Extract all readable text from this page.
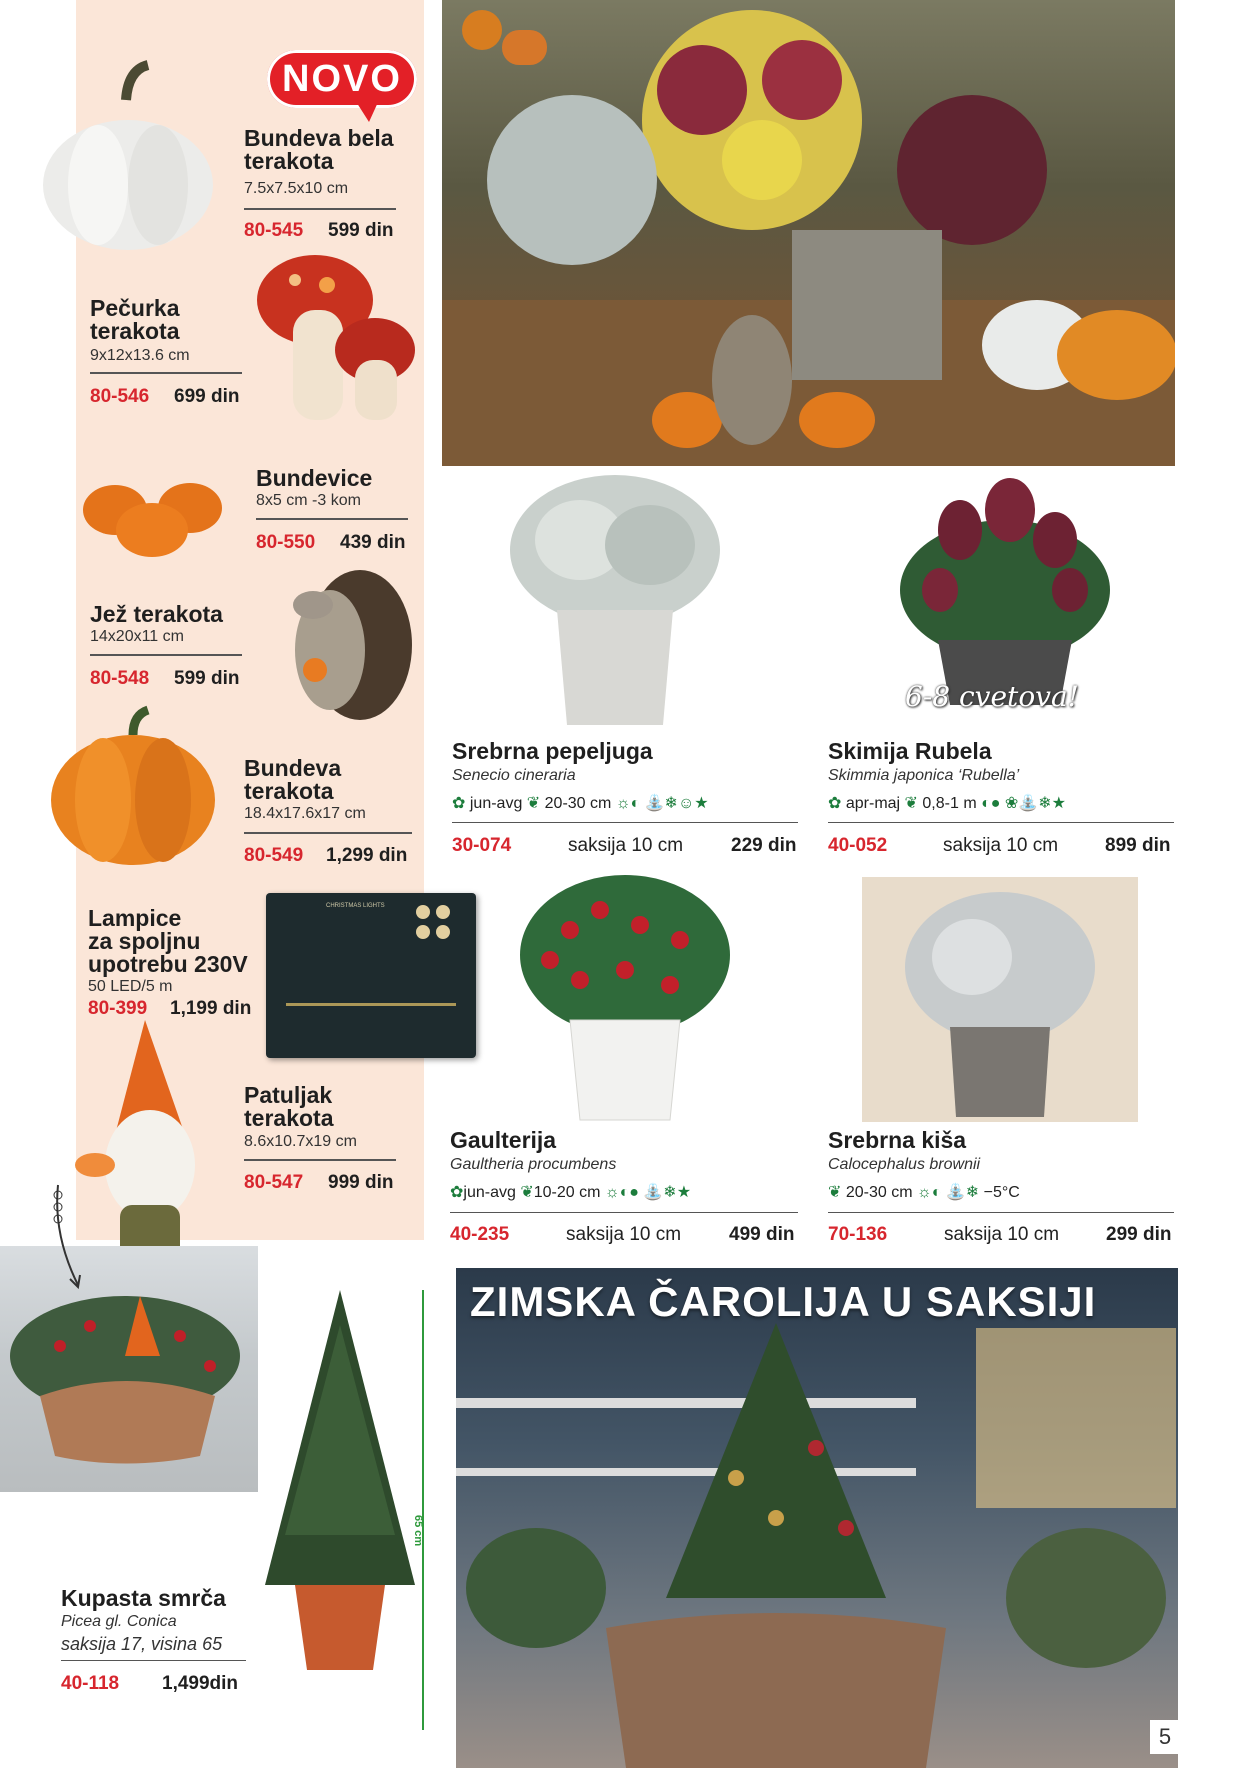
NOVO
Bundeva bela
terakota
7.5x7.5x10 cm
80-545 599 din
Pečurka
terakota
9x12x13.6 cm
80-546 699 din
Bundevice
8x5 cm -3 kom
80-550 439 din
Jež terakota
14x20x11 cm
80-548 599 din
Bundeva
terakota
18.4x17.6x17 cm
80-549 1,299 din
CHRISTMAS LIGHTS
Lampice
za spoljnu
upotrebu 230V
50 LED/5 m
80-399 1,199 din
Patuljak
terakota
8.6x10.7x19 cm
80-547 999 din
6-8 cvetova!
Srebrna pepeljuga
Senecio cineraria
✿ jun-avg ❦ 20-30 cm ☼◐ ⛲❄☺★
30-074	saksija 10 cm	229 din
Skimija Rubela
Skimmia japonica ‘Rubella’
✿ apr-maj ❦ 0,8-1 m ◐● ❀⛲❄★
40-052	saksija 10 cm 899 din
Gaulterija
Gaultheria procumbens
✿jun-avg ❦10-20 cm ☼◐● ⛲❄★
40-235	saksija 10 cm	499 din
Srebrna kiša
Calocephalus brownii
❦ 20-30 cm ☼◐ ⛲❄ −5°C
70-136	saksija 10 cm 299 din
65 cm
Kupasta smrča
Picea gl. Conica
saksija 17, visina 65
40-118 1,499din
ZIMSKA ČAROLIJA U SAKSIJI
5
